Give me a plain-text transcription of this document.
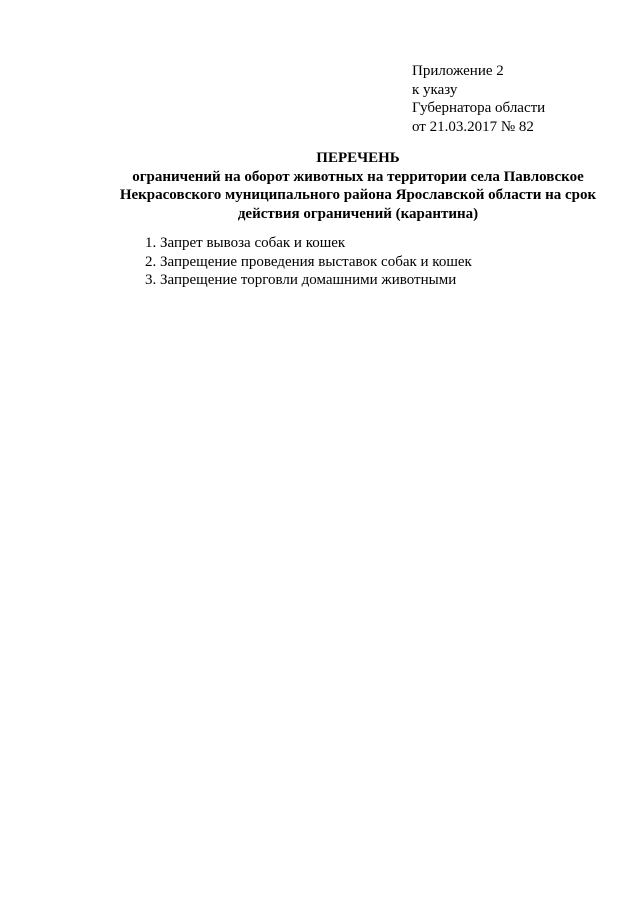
Приложение 2
к указу
Губернатора области
от 21.03.2017 № 82
ПЕРЕЧЕНЬ
ограничений на оборот животных на территории села Павловское
Некрасовского муниципального района Ярославской области на срок
действия ограничений (карантина)
1. Запрет вывоза собак и кошек
2. Запрещение проведения выставок собак и кошек
3. Запрещение торговли домашними животными
